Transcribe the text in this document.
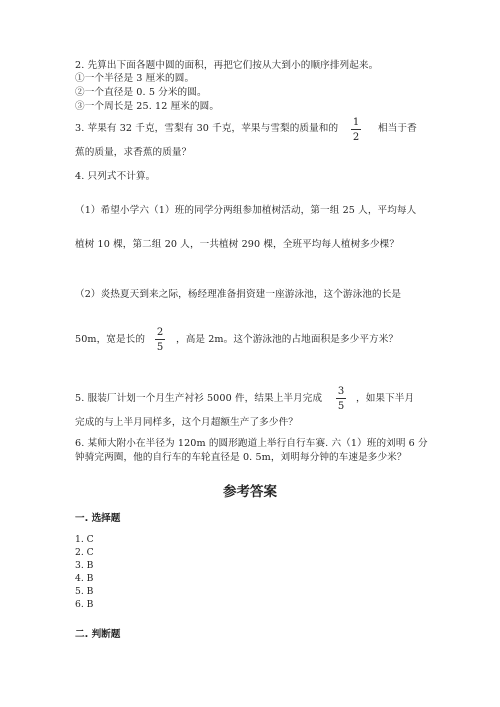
2. 先算出下面各题中圆的面积，再把它们按从大到小的顺序排列起来。
①一个半径是 3 厘米的圆。
②一个直径是 0. 5 分米的圆。
③一个周长是 25. 12 厘米的圆。
3. 苹果有 32 千克，雪梨有 30 千克，苹果与雪梨的质量和的
1
2
相当于香
蕉的质量，求香蕉的质量？
4. 只列式不计算。
（1）希望小学六（1）班的同学分两组参加植树活动，第一组 25 人，平均每人
植树 10 棵，第二组 20 人，一共植树 290 棵，全班平均每人植树多少棵？
（2）炎热夏天到来之际，杨经理准备捐资建一座游泳池，这个游泳池的长是
50m，宽是长的
2
5
，高是 2m。这个游泳池的占地面积是多少平方米？
5. 服装厂计划一个月生产衬衫 5000 件，结果上半月完成
3
5
，如果下半月
完成的与上半月同样多，这个月超额生产了多少件？
6. 某师大附小在半径为 120m 的圆形跑道上举行自行车赛. 六（1）班的刘明 6 分
钟骑完两圈，他的自行车的车轮直径是 0. 5m，刘明每分钟的车速是多少米？
参考答案
一. 选择题
1. C
2. C
3. B
4. B
5. B
6. B
二. 判断题
